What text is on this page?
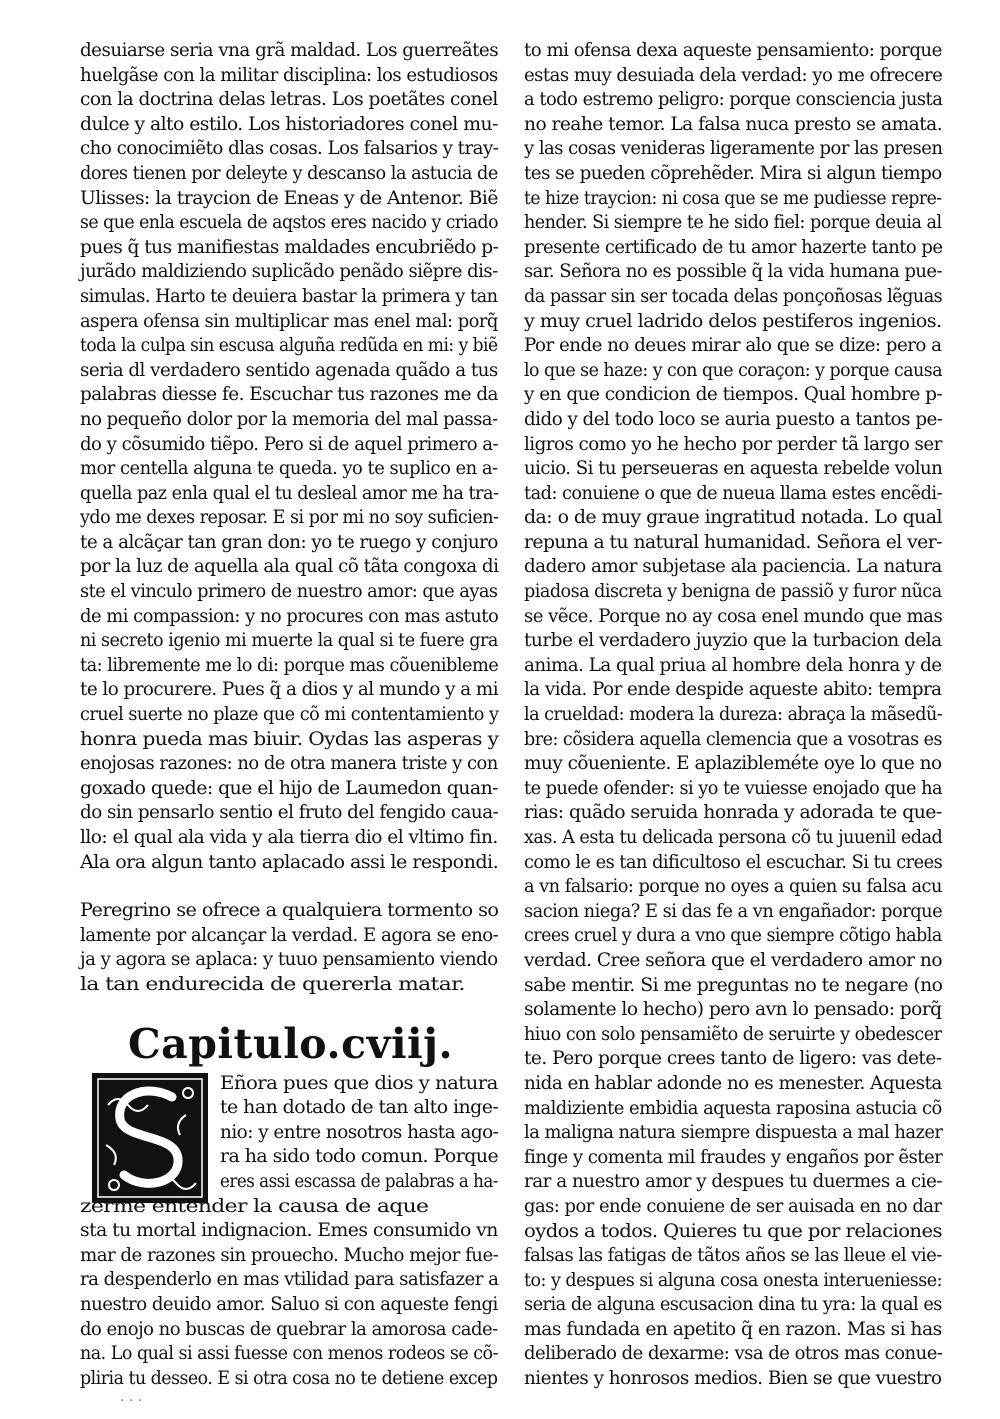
desuiarse seria vna grã maldad. Los guerreãtes
huelgãse con la militar disciplina: los estudiosos
con la doctrina delas letras. Los poetãtes conel
dulce y alto estilo. Los historiadores conel mu-
cho conocimiẽto dlas cosas. Los falsarios y tray-
dores tienen por deleyte y descanso la astucia de
Ulisses: la traycion de Eneas y de Antenor. Biẽ
se que enla escuela de aqstos eres nacido y criado
pues q̃ tus manifiestas maldades encubriẽdo p-
jurãdo maldiziendo suplicãdo penãdo siẽpre dis-
simulas. Harto te deuiera bastar la primera y tan
aspera ofensa sin multiplicar mas enel mal: porq̃
toda la culpa sin escusa alguña redũda en mi: y biẽ
seria dl verdadero sentido agenada quãdo a tus
palabras diesse fe. Escuchar tus razones me da
no pequeño dolor por la memoria del mal passa-
do y cõsumido tiẽpo. Pero si de aquel primero a-
mor centella alguna te queda. yo te suplico en a-
quella paz enla qual el tu desleal amor me ha tra-
ydo me dexes reposar. E si por mi no soy suficien-
te a alcãçar tan gran don: yo te ruego y conjuro
por la luz de aquella ala qual cõ tãta congoxa di
ste el vinculo primero de nuestro amor: que ayas
de mi compassion: y no procures con mas astuto
ni secreto igenio mi muerte la qual si te fuere gra
ta: libremente me lo di: porque mas cõuenibleme
te lo procurere. Pues q̃ a dios y al mundo y a mi
cruel suerte no plaze que cõ mi contentamiento y
honra pueda mas biuir. Oydas las asperas y
enojosas razones: no de otra manera triste y con
goxado quede: que el hijo de Laumedon quan-
do sin pensarlo sentio el fruto del fengido caua-
llo: el qual ala vida y ala tierra dio el vltimo fin.
Ala ora algun tanto aplacado assi le respondi.
Peregrino se ofrece a qualquiera tormento so
lamente por alcançar la verdad. E agora se eno-
ja y agora se aplaca: y tuuo pensamiento viendo
la tan endurecida de quererla matar.
Capitulo.cviij.
Eñora pues que dios y natura
te han dotado de tan alto inge-
nio: y entre nosotros hasta ago-
ra ha sido todo comun. Porque
eres assi escassa de palabras a ha-
zerme entender la causa de aque
sta tu mortal indignacion. Emes consumido vn
mar de razones sin prouecho. Mucho mejor fue-
ra despenderlo en mas vtilidad para satisfazer a
nuestro deuido amor. Saluo si con aqueste fengi
do enojo no buscas de quebrar la amorosa cade-
na. Lo qual si assi fuesse con menos rodeos se cõ-
pliria tu desseo. E si otra cosa no te detiene excep
· · ·
to mi ofensa dexa aqueste pensamiento: porque
estas muy desuiada dela verdad: yo me ofrecere
a todo estremo peligro: porque consciencia justa
no reahe temor. La falsa nuca presto se amata.
y las cosas venideras ligeramente por las presen
tes se pueden cõprehẽder. Mira si algun tiempo
te hize traycion: ni cosa que se me pudiesse repre-
hender. Si siempre te he sido fiel: porque deuia al
presente certificado de tu amor hazerte tanto pe
sar. Señora no es possible q̃ la vida humana pue-
da passar sin ser tocada delas ponçoñosas lẽguas
y muy cruel ladrido delos pestiferos ingenios.
Por ende no deues mirar alo que se dize: pero a
lo que se haze: y con que coraçon: y porque causa
y en que condicion de tiempos. Qual hombre p-
dido y del todo loco se auria puesto a tantos pe-
ligros como yo he hecho por perder tã largo ser
uicio. Si tu perseueras en aquesta rebelde volun
tad: conuiene o que de nueua llama estes encẽdi-
da: o de muy graue ingratitud notada. Lo qual
repuna a tu natural humanidad. Señora el ver-
dadero amor subjetase ala paciencia. La natura
piadosa discreta y benigna de passiõ y furor nũca
se vẽce. Porque no ay cosa enel mundo que mas
turbe el verdadero juyzio que la turbacion dela
anima. La qual priua al hombre dela honra y de
la vida. Por ende despide aqueste abito: tempra
la crueldad: modera la dureza: abraça la mãsedũ-
bre: cõsidera aquella clemencia que a vosotras es
muy cõueniente. E aplazibleméte oye lo que no
te puede ofender: si yo te vuiesse enojado que ha
rias: quãdo seruida honrada y adorada te que-
xas. A esta tu delicada persona cõ tu juuenil edad
como le es tan dificultoso el escuchar. Si tu crees
a vn falsario: porque no oyes a quien su falsa acu
sacion niega? E si das fe a vn engañador: porque
crees cruel y dura a vno que siempre cõtigo habla
verdad. Cree señora que el verdadero amor no
sabe mentir. Si me preguntas no te negare (no
solamente lo hecho) pero avn lo pensado: porq̃
hiuo con solo pensamiẽto de seruirte y obedescer
te. Pero porque crees tanto de ligero: vas dete-
nida en hablar adonde no es menester. Aquesta
maldiziente embidia aquesta raposina astucia cõ
la maligna natura siempre dispuesta a mal hazer
finge y comenta mil fraudes y engaños por ẽster
rar a nuestro amor y despues tu duermes a cie-
gas: por ende conuiene de ser auisada en no dar
oydos a todos. Quieres tu que por relaciones
falsas las fatigas de tãtos años se las lleue el vie-
to: y despues si alguna cosa onesta interueniesse:
seria de alguna escusacion dina tu yra: la qual es
mas fundada en apetito q̃ en razon. Mas si has
deliberado de dexarme: vsa de otros mas conue-
nientes y honrosos medios. Bien se que vuestro
